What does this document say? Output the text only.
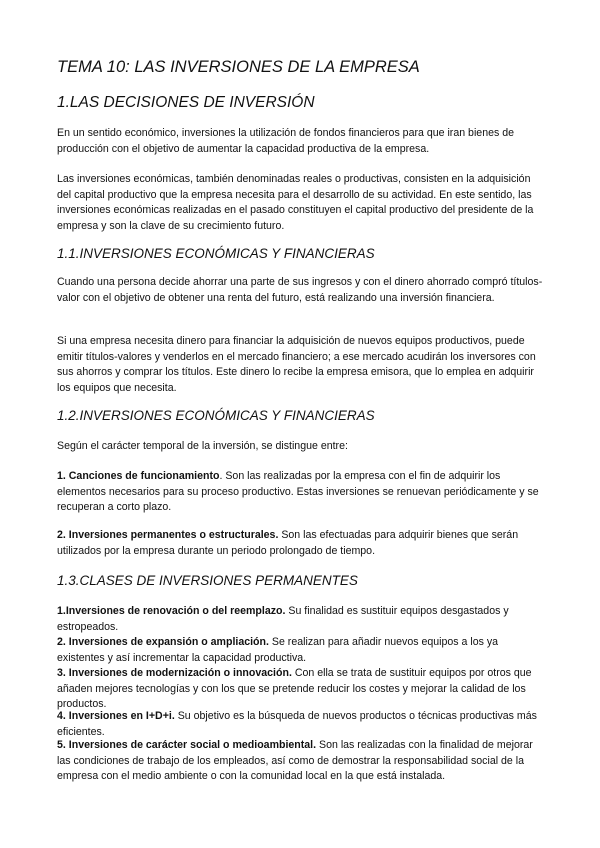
TEMA 10: LAS INVERSIONES DE LA EMPRESA
1.LAS DECISIONES DE INVERSIÓN

En un sentido económico, inversiones la utilización de fondos financieros para que iran bienes de producción con el objetivo de aumentar la capacidad productiva de la empresa.

Las inversiones económicas, también denominadas reales o productivas, consisten en la adquisición del capital productivo que la empresa necesita para el desarrollo de su actividad. En este sentido, las inversiones económicas realizadas en el pasado constituyen el capital productivo del presidente de la empresa y son la clave de su crecimiento futuro.

1.1.INVERSIONES ECONÓMICAS Y FINANCIERAS

Cuando una persona decide ahorrar una parte de sus ingresos y con el dinero ahorrado compró títulos-valor con el objetivo de obtener una renta del futuro, está realizando una inversión financiera.

Si una empresa necesita dinero para financiar la adquisición de nuevos equipos productivos, puede emitir títulos-valores y venderlos en el mercado financiero; a ese mercado acudirán los inversores con sus ahorros y comprar los títulos. Este dinero lo recibe la empresa emisora, que lo emplea en adquirir los equipos que necesita.

1.2.INVERSIONES ECONÓMICAS Y FINANCIERAS

Según el carácter temporal de la inversión, se distingue entre:

1. Canciones de funcionamiento. Son las realizadas por la empresa con el fin de adquirir los elementos necesarios para su proceso productivo. Estas inversiones se renuevan periódicamente y se recuperan a corto plazo.

2. Inversiones permanentes o estructurales. Son las efectuadas para adquirir bienes que serán utilizados por la empresa durante un periodo prolongado de tiempo.

1.3.CLASES DE INVERSIONES PERMANENTES

1.Inversiones de renovación o del reemplazo. Su finalidad es sustituir equipos desgastados y estropeados.

2. Inversiones de expansión o ampliación. Se realizan para añadir nuevos equipos a los ya existentes y así incrementar la capacidad productiva.

3. Inversiones de modernización o innovación. Con ella se trata de sustituir equipos por otros que añaden mejores tecnologías y con los que se pretende reducir los costes y mejorar la calidad de los productos.

4. Inversiones en I+D+i. Su objetivo es la búsqueda de nuevos productos o técnicas productivas más eficientes.

5. Inversiones de carácter social o medioambiental. Son las realizadas con la finalidad de mejorar las condiciones de trabajo de los empleados, así como de demostrar la responsabilidad social de la empresa con el medio ambiente o con la comunidad local en la que está instalada.
